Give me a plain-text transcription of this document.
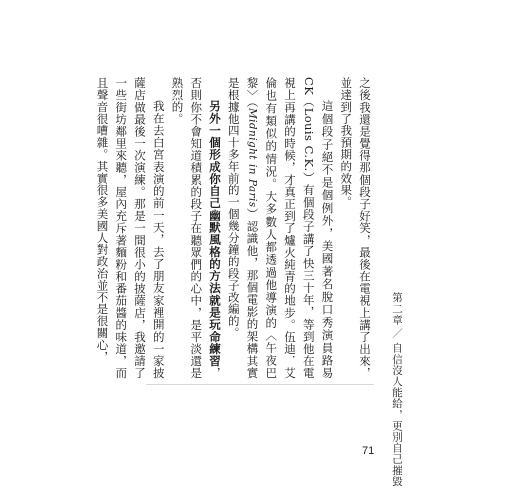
之後我還是覺得那個段子好笑，最後在電視上講了出來，並達到了我預期的效果。

這個段子絕不是個例外，美國著名脫口秀演員路易CK（Louis C.K.）有個段子講了快三十年，等到他在電視上再講的時候，才真正到了爐火純青的地步。伍迪．艾倫也有類似的情況。大多數人都透過他導演的〈午夜巴黎〉（Midnight in Paris）認識他，那個電影的架構其實是根據他四十多年前的一個幾分鐘的段子改編的。

另外一個形成你自己幽默風格的方法就是玩命練習，否則你不會知道積累的段子在聽眾們的心中，是平淡還是熟烈的。

我在去白宮表演的前一天，去了朋友家裡開的一家披薩店做最後一次演練。那是一間很小的披薩店，我邀請了一些街坊鄰里來聽，屋內充斥著麵粉和番茄醬的味道，而且聲音很嘈雜。其實很多美國人對政治並不是很關心，	第二章／自信沒人能給，更別自己摧毀
71
